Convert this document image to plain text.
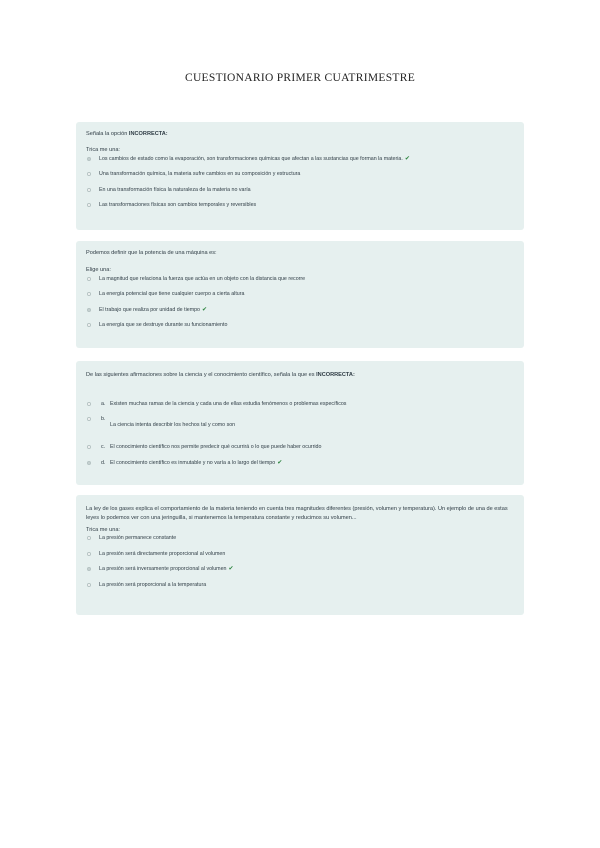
CUESTIONARIO PRIMER CUATRIMESTRE
Señala la opción INCORRECTA:
Trica me una:
Los cambios de estado como la evaporación, son transformaciones químicas que afectan a las sustancias que forman la materia. ✔
Una transformación química, la materia sufre cambios en su composición y estructura
En una transformación física la naturaleza de la materia no varía
Las transformaciones físicas son cambios temporales y reversibles
Podemos definir que la potencia de una máquina es:
Elige una:
La magnitud que relaciona la fuerza que actúa en un objeto con la distancia que recorre
La energía potencial que tiene cualquier cuerpo a cierta altura
El trabajo que realiza por unidad de tiempo ✔
La energía que se destruye durante su funcionamiento
De las siguientes afirmaciones sobre la ciencia y el conocimiento científico, señala la que es INCORRECTA:
a. Existen muchas ramas de la ciencia y cada una de ellas estudia fenómenos o problemas específicos
b.
La ciencia intenta describir los hechos tal y como son
c. El conocimiento científico nos permite predecir qué ocurrirá o lo que puede haber ocurrido
d. El conocimiento científico es inmutable y no varía a lo largo del tiempo ✔
La ley de los gases explica el comportamiento de la materia teniendo en cuenta tres magnitudes diferentes (presión, volumen y temperatura). Un ejemplo de una de estas leyes lo podemos ver con una jeringuilla, si mantenemos la temperatura constante y reducimos su volumen...
Trica me una:
La presión permanece constante
La presión será directamente proporcional al volumen
La presión será inversamente proporcional al volumen ✔
La presión será proporcional a la temperatura
